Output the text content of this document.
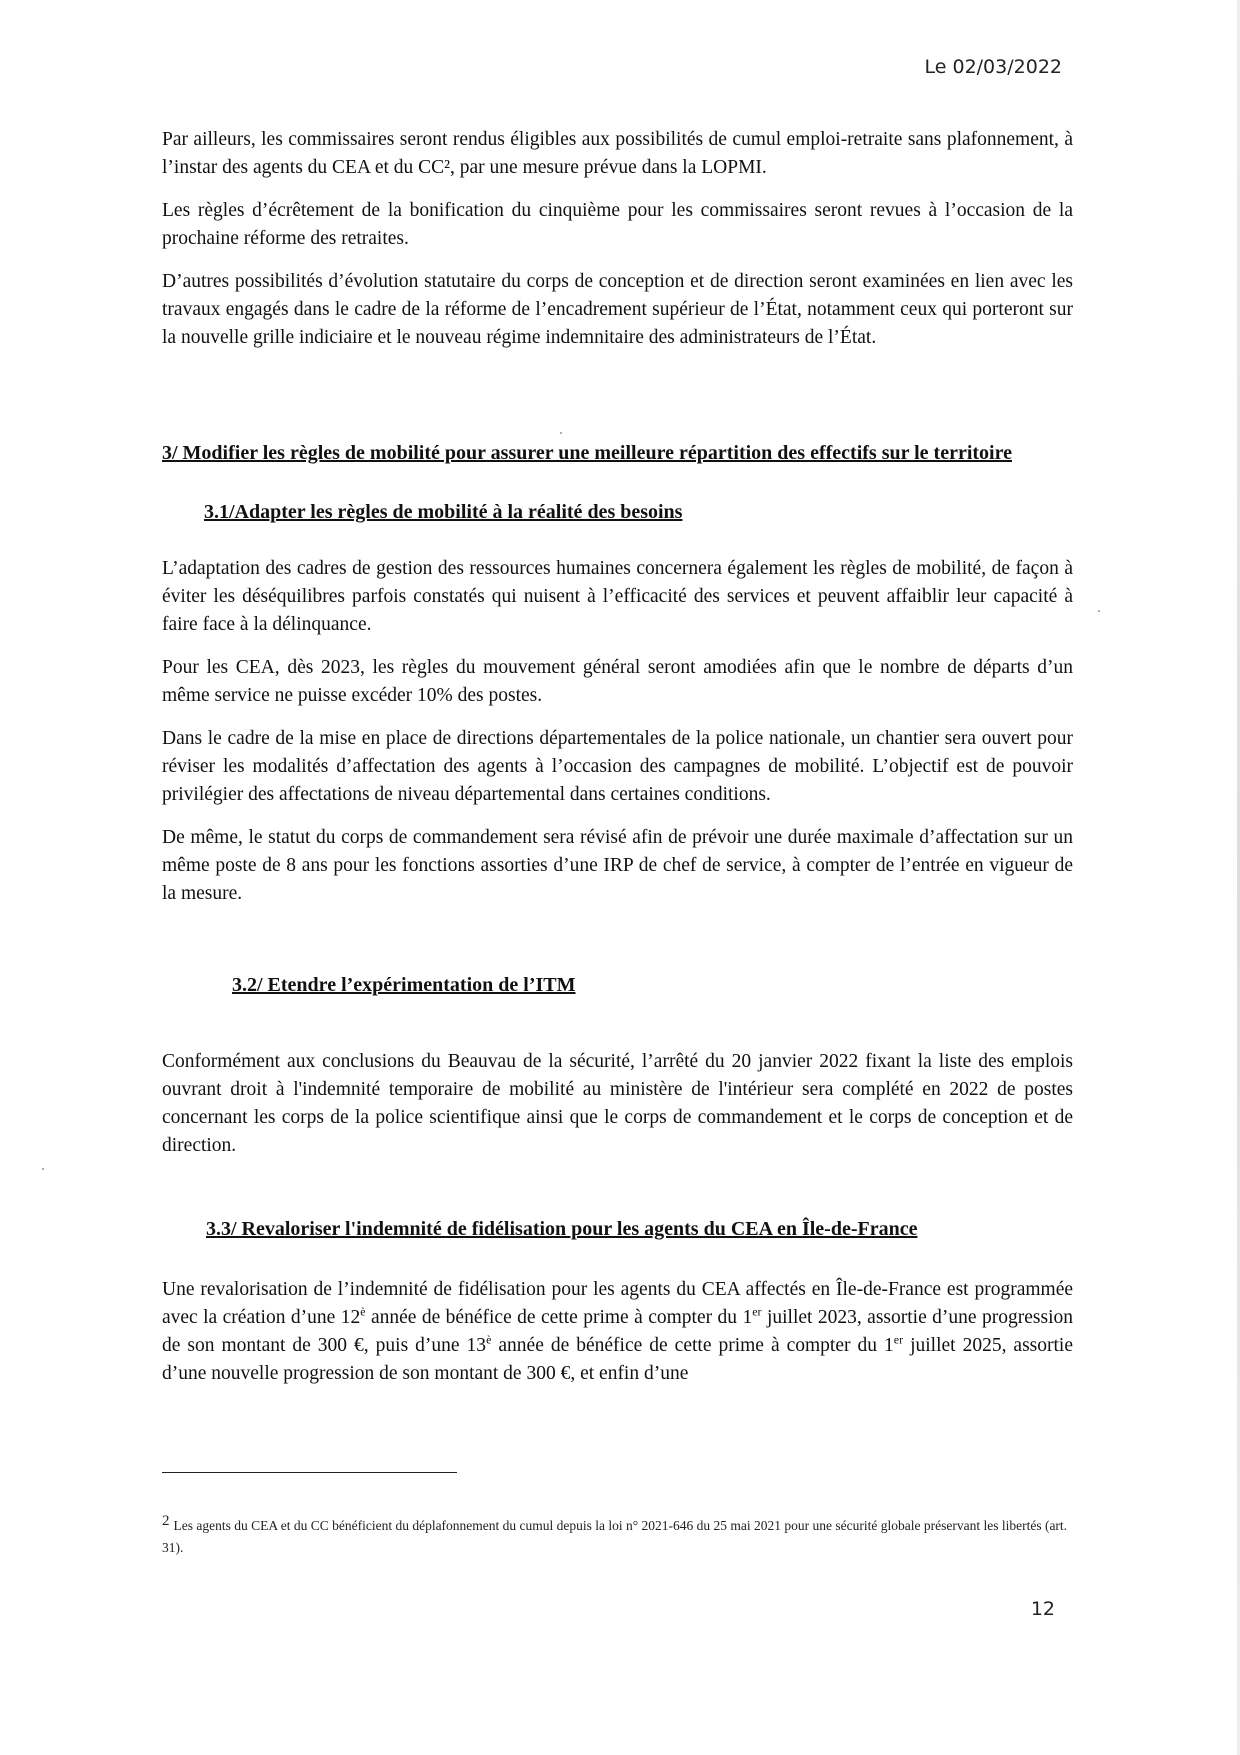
Le 02/03/2022

Par ailleurs, les commissaires seront rendus éligibles aux possibilités de cumul emploi-retraite sans plafonnement, à l’instar des agents du CEA et du CC², par une mesure prévue dans la LOPMI.

Les règles d’écrêtement de la bonification du cinquième pour les commissaires seront revues à l’occasion de la prochaine réforme des retraites.

D’autres possibilités d’évolution statutaire du corps de conception et de direction seront examinées en lien avec les travaux engagés dans le cadre de la réforme de l’encadrement supérieur de l’État, notamment ceux qui porteront sur la nouvelle grille indiciaire et le nouveau régime indemnitaire des administrateurs de l’État.

3/ Modifier les règles de mobilité pour assurer une meilleure répartition des effectifs sur le territoire

3.1/Adapter les règles de mobilité à la réalité des besoins

L’adaptation des cadres de gestion des ressources humaines concernera également les règles de mobilité, de façon à éviter les déséquilibres parfois constatés qui nuisent à l’efficacité des services et peuvent affaiblir leur capacité à faire face à la délinquance.

Pour les CEA, dès 2023, les règles du mouvement général seront amodiées afin que le nombre de départs d’un même service ne puisse excéder 10% des postes.

Dans le cadre de la mise en place de directions départementales de la police nationale, un chantier sera ouvert pour réviser les modalités d’affectation des agents à l’occasion des campagnes de mobilité. L’objectif est de pouvoir privilégier des affectations de niveau départemental dans certaines conditions.

De même, le statut du corps de commandement sera révisé afin de prévoir une durée maximale d’affectation sur un même poste de 8 ans pour les fonctions assorties d’une IRP de chef de service, à compter de l’entrée en vigueur de la mesure.

3.2/ Etendre l’expérimentation de l’ITM

Conformément aux conclusions du Beauvau de la sécurité, l’arrêté du 20 janvier 2022 fixant la liste des emplois ouvrant droit à l'indemnité temporaire de mobilité au ministère de l'intérieur sera complété en 2022 de postes concernant les corps de la police scientifique ainsi que le corps de commandement et le corps de conception et de direction.

3.3/ Revaloriser l'indemnité de fidélisation pour les agents du CEA en Île-de-France

Une revalorisation de l’indemnité de fidélisation pour les agents du CEA affectés en Île-de-France est programmée avec la création d’une $12^è$ année de bénéfice de cette prime à compter du 1er juillet 2023, assortie d’une progression de son montant de 300 €, puis d’une $13^è$ année de bénéfice de cette prime à compter du 1er juillet 2025, assortie d’une nouvelle progression de son montant de 300 €, et enfin d’une

2 Les agents du CEA et du CC bénéficient du déplafonnement du cumul depuis la loi n° 2021-646 du 25 mai 2021 pour une sécurité globale préservant les libertés (art. 31).
12
